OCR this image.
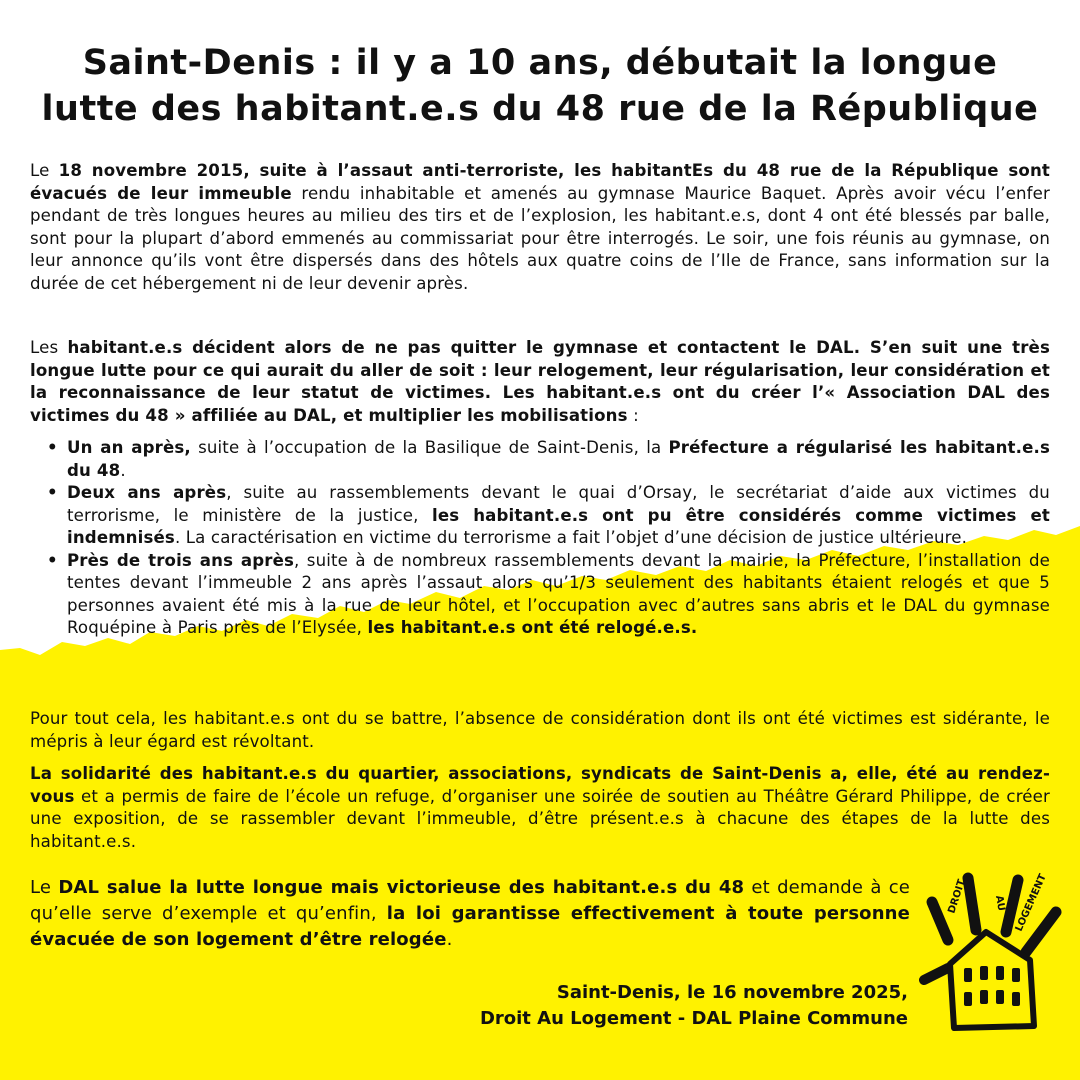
Saint-Denis : il y a 10 ans, débutait la longue lutte des habitant.e.s du 48 rue de la République

Le 18 novembre 2015, suite à l’assaut anti-terroriste, les habitantEs du 48 rue de la République sont évacués de leur immeuble rendu inhabitable et amenés au gymnase Maurice Baquet. Après avoir vécu l’enfer pendant de très longues heures au milieu des tirs et de l’explosion, les habitant.e.s, dont 4 ont été blessés par balle, sont pour la plupart d’abord emmenés au commissariat pour être interrogés. Le soir, une fois réunis au gymnase, on leur annonce qu’ils vont être dispersés dans des hôtels aux quatre coins de l’Ile de France, sans information sur la durée de cet hébergement ni de leur devenir après.

Les habitant.e.s décident alors de ne pas quitter le gymnase et contactent le DAL. S’en suit une très longue lutte pour ce qui aurait du aller de soit : leur relogement, leur régularisation, leur considération et la reconnaissance de leur statut de victimes. Les habitant.e.s ont du créer l’« Association DAL des victimes du 48 » affiliée au DAL, et multiplier les mobilisations :

• Un an après, suite à l’occupation de la Basilique de Saint-Denis, la Préfecture a régularisé les habitant.e.s du 48.
• Deux ans après, suite au rassemblements devant le quai d’Orsay, le secrétariat d’aide aux victimes du terrorisme, le ministère de la justice, les habitant.e.s ont pu être considérés comme victimes et indemnisés. La caractérisation en victime du terrorisme a fait l’objet d’une décision de justice ultérieure.
• Près de trois ans après, suite à de nombreux rassemblements devant la mairie, la Préfecture, l’installation de tentes devant l’immeuble 2 ans après l’assaut alors qu’1/3 seulement des habitants étaient relogés et que 5 personnes avaient été mis à la rue de leur hôtel, et l’occupation avec d’autres sans abris et le DAL du gymnase Roquépine à Paris près de l’Elysée, les habitant.e.s ont été relogé.e.s.

Pour tout cela, les habitant.e.s ont du se battre, l’absence de considération dont ils ont été victimes est sidérante, le mépris à leur égard est révoltant.

La solidarité des habitant.e.s du quartier, associations, syndicats de Saint-Denis a, elle, été au rendez-vous et a permis de faire de l’école un refuge, d’organiser une soirée de soutien au Théâtre Gérard Philippe, de créer une exposition, de se rassembler devant l’immeuble, d’être présent.e.s à chacune des étapes de la lutte des habitant.e.s.

Le DAL salue la lutte longue mais victorieuse des habitant.e.s du 48 et demande à ce qu’elle serve d’exemple et qu’enfin, la loi garantisse effectivement à toute personne évacuée de son logement d’être relogée.

Saint-Denis, le 16 novembre 2025,
Droit Au Logement - DAL Plaine Commune
DROIT	AU LOGEMENT
